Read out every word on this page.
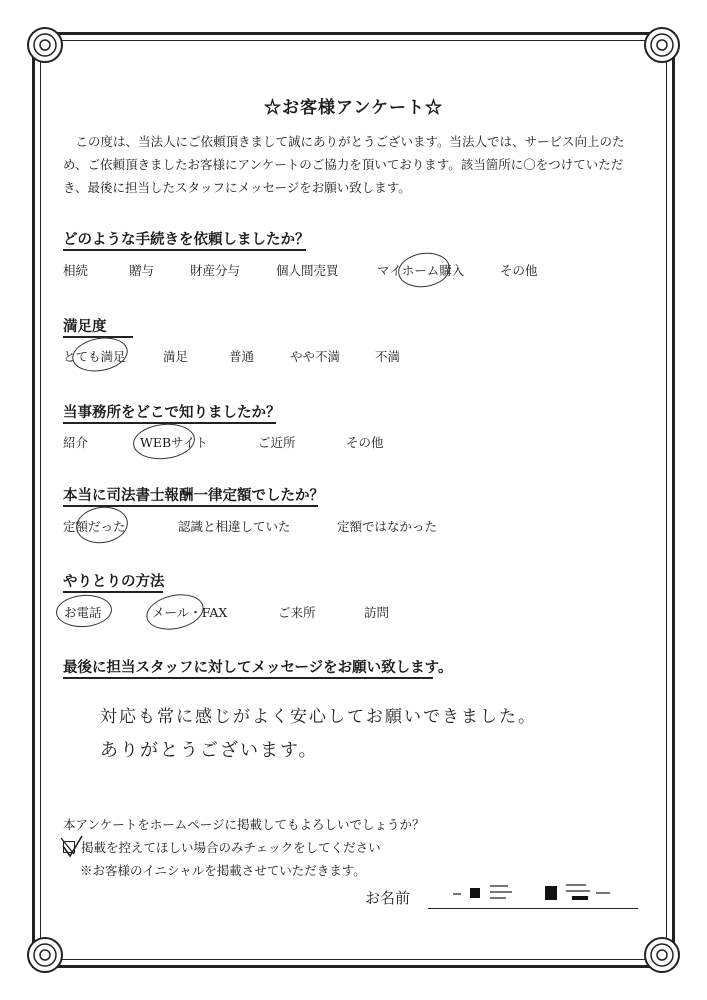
☆お客様アンケート☆

この度は、当法人にご依頼頂きまして誠にありがとうございます。当法人では、サービス向上のた

め、ご依頼頂きましたお客様にアンケートのご協力を頂いております。該当箇所に〇をつけていただ

き、最後に担当したスタッフにメッセージをお願い致します。

どのような手続きを依頼しましたか？
相続	贈与	財産分与	個人間売買	マイホーム購入	その他
満足度
とても満足	満足	普通	やや不満	不満
当事務所をどこで知りましたか？
紹介	WEBサイト	ご近所	その他
本当に司法書士報酬一律定額でしたか？
定額だった	認識と相違していた	定額ではなかった
やりとりの方法
お電話	メール・FAX	ご来所	訪問
最後に担当スタッフに対してメッセージをお願い致します。
対応も常に感じがよく安心してお願いできました。
ありがとうございます。
本アンケートをホームページに掲載してもよろしいでしょうか？
掲載を控えてほしい場合のみチェックをしてください
※お客様のイニシャルを掲載させていただきます。
お名前
